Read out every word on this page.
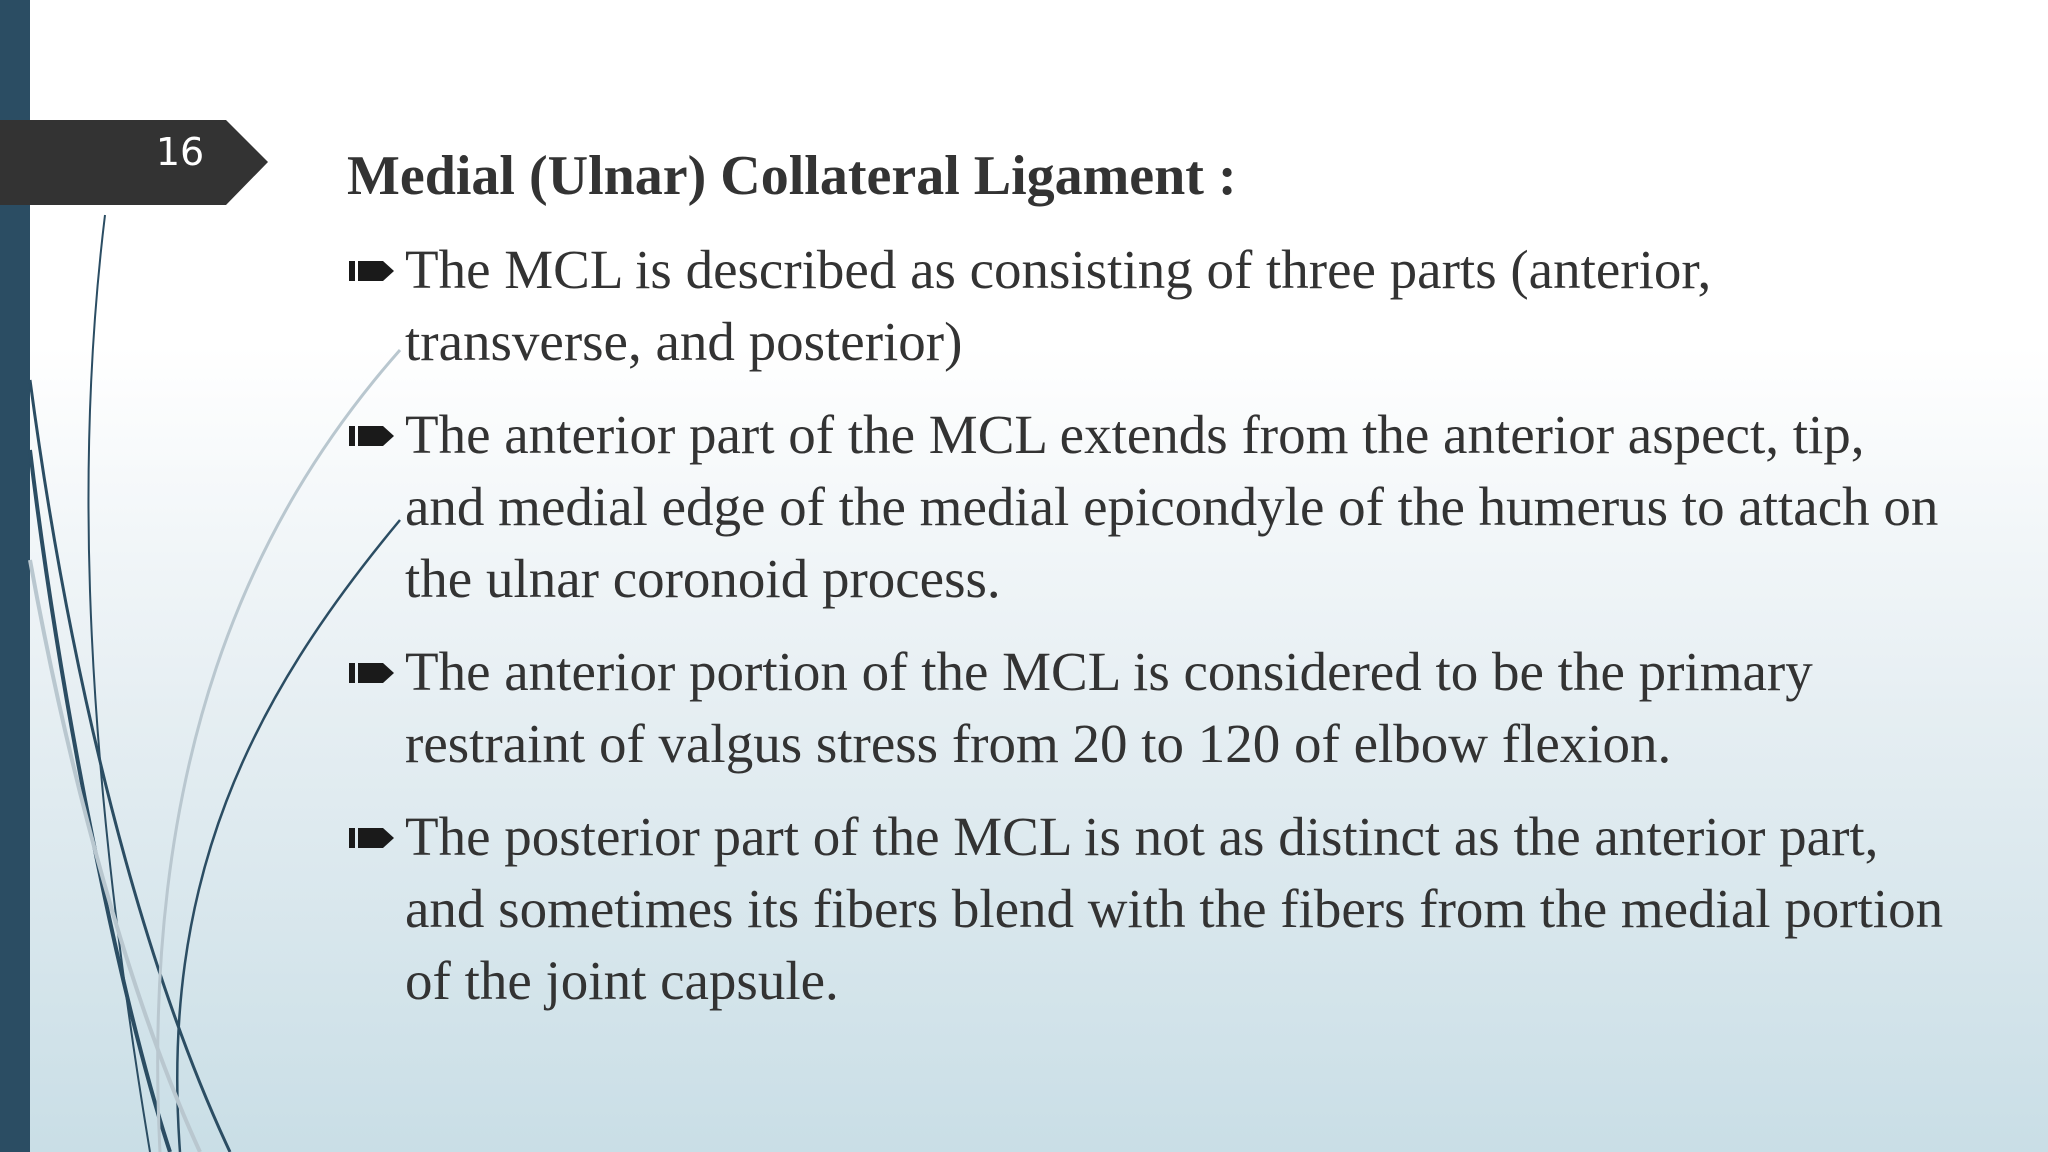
16	Medial (Ulnar) Collateral Ligament :
The MCL is described as consisting of three parts (anterior, transverse, and posterior)
The anterior part of the MCL extends from the anterior aspect, tip, and medial edge of the medial epicondyle of the humerus to attach on the ulnar coronoid process.
The anterior portion of the MCL is considered to be the primary restraint of valgus stress from 20 to 120 of elbow flexion.
The posterior part of the MCL is not as distinct as the anterior part, and sometimes its fibers blend with the fibers from the medial portion of the joint capsule.
